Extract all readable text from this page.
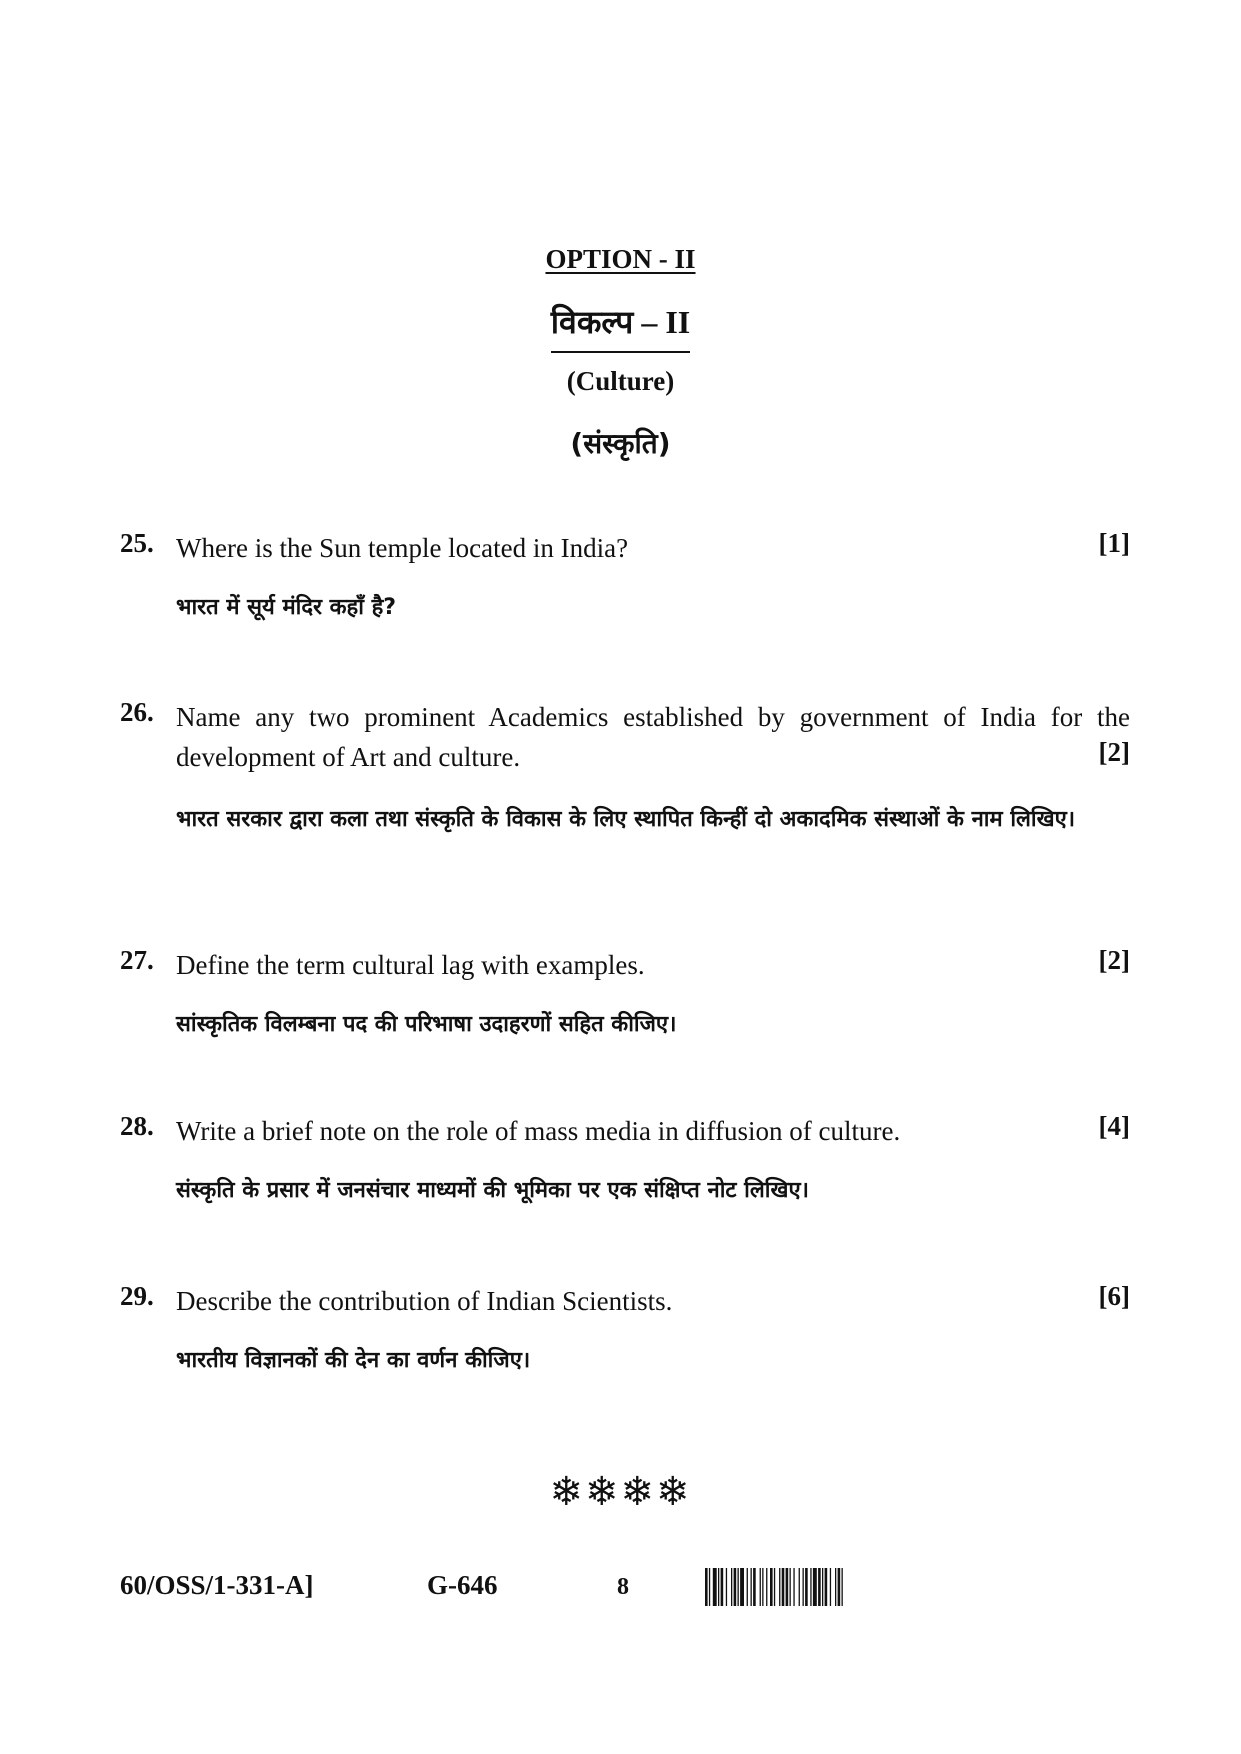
OPTION - II
विकल्प – II
(Culture)
(संस्कृति)
25. Where is the Sun temple located in India?	[1]
भारत में सूर्य मंदिर कहाँ है?
26. Name any two prominent Academics established by government of India for the
development of Art and culture.	[2]
भारत सरकार द्वारा कला तथा संस्कृति के विकास के लिए स्थापित किन्हीं दो अकादमिक संस्थाओं के नाम लिखिए।
27. Define the term cultural lag with examples.	[2]
सांस्कृतिक विलम्बना पद की परिभाषा उदाहरणों सहित कीजिए।
28. Write a brief note on the role of mass media in diffusion of culture.	[4]
संस्कृति के प्रसार में जनसंचार माध्यमों की भूमिका पर एक संक्षिप्त नोट लिखिए।
29. Describe the contribution of Indian Scientists.	[6]
भारतीय विज्ञानकों की देन का वर्णन कीजिए।
❄❄❄❄
60/OSS/1-331-A]	G-646	8
